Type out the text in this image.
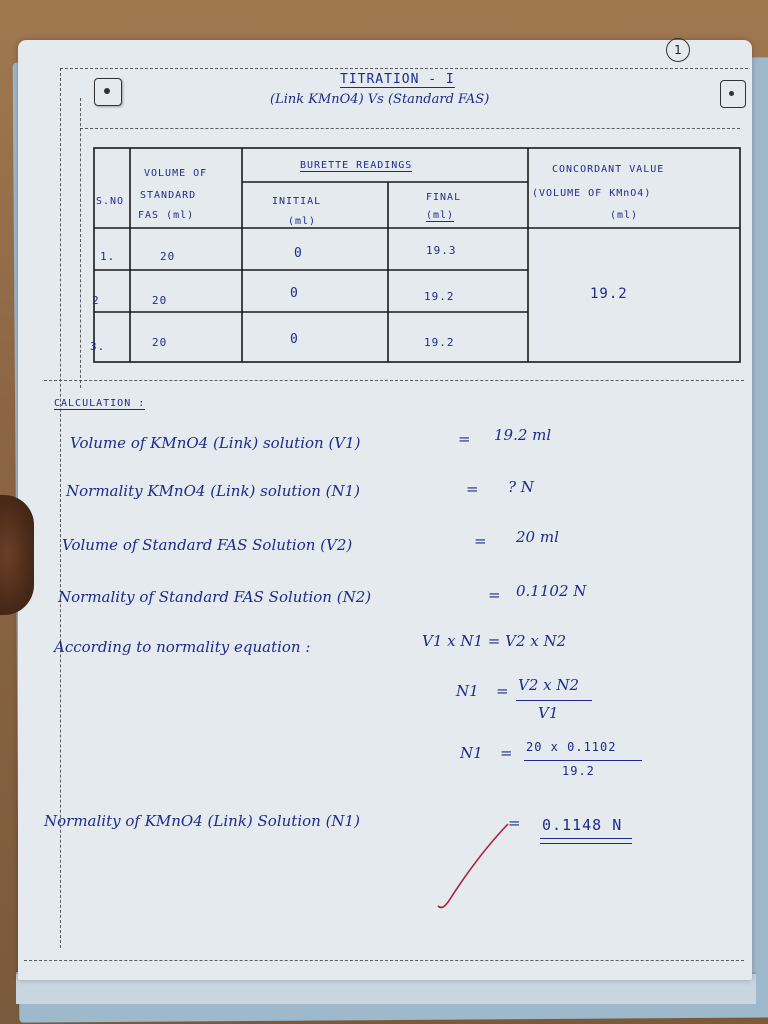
1
TITRATION - I
(Link KMnO4) Vs (Standard FAS)
S.NO
VOLUME OF
STANDARD
FAS (ml)
BURETTE READINGS
INITIAL
(ml)
FINAL
(ml)
CONCORDANT VALUE
(VOLUME OF KMnO4)
(ml)
1.	20	0	19.3
2	20	0	19.2
3.	20	0	19.2
19.2
CALCULATION :
Volume of KMnO4 (Link) solution (V1)	= 19.2 ml
Normality KMnO4 (Link) solution (N1)	= ? N
Volume of Standard FAS Solution (V2)	= 20 ml
Normality of Standard FAS Solution (N2)	= 0.1102 N
According to normality equation :	V1 x N1 = V2 x N2
N1 = V2 x N2
V1
N1 = 20 x 0.1102
19.2
Normality of KMnO4 (Link) Solution (N1)	= 0.1148 N
